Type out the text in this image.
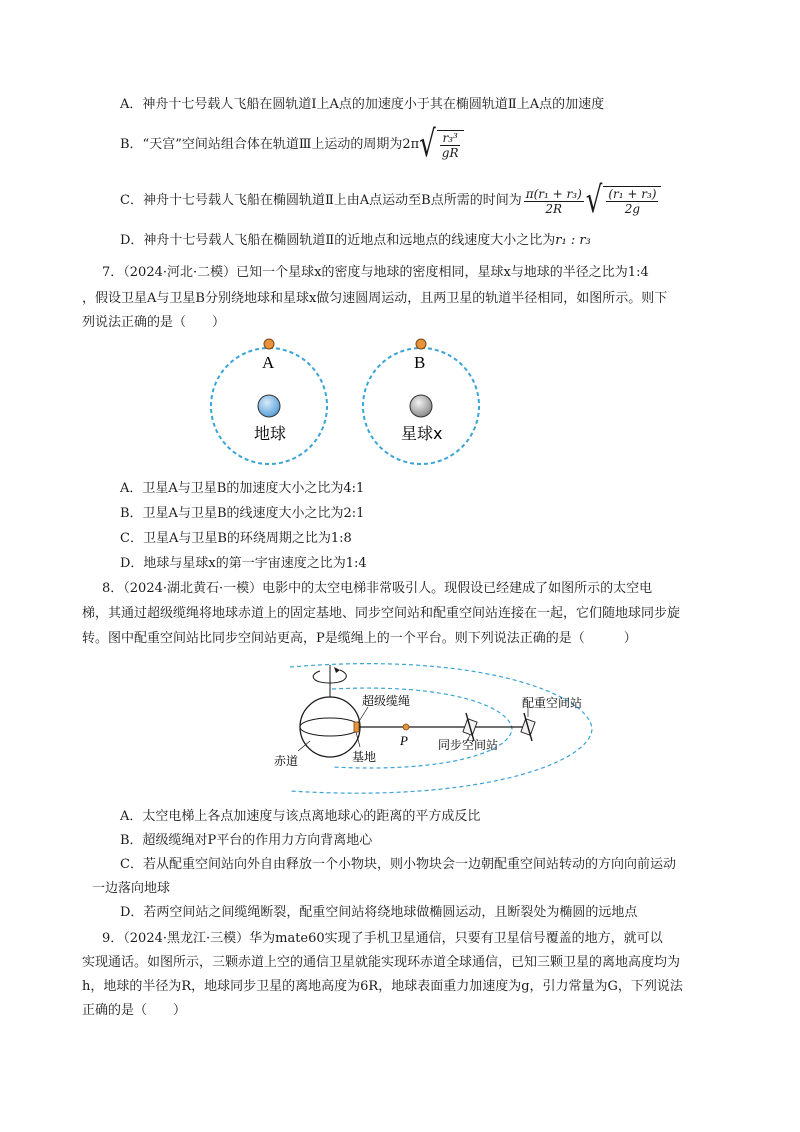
A．神舟十七号载人飞船在圆轨道Ⅰ上A点的加速度小于其在椭圆轨道Ⅱ上A点的加速度
B．“天宫”空间站组合体在轨道Ⅲ上运动的周期为 2π √ $\frac{\text{r₃³}}{gR}$
C．神舟十七号载人飞船在椭圆轨道Ⅱ上由A点运动至B点所需的时间为 $\frac{\text{π(r₁ + r₃)}}{2R}$ √ $\frac{\text{(r₁ + r₃)}}{2g}$
D．神舟十七号载人飞船在椭圆轨道Ⅱ的近地点和远地点的线速度大小之比为r₁ : r₃
7．（2024·河北·二模）已知一个星球x的密度与地球的密度相同，星球x与地球的半径之比为1:4
，假设卫星A与卫星B分别绕地球和星球x做匀速圆周运动，且两卫星的轨道半径相同，如图所示。则下
列说法正确的是（　　）
A	B
地球	星球x
A．卫星A与卫星B的加速度大小之比为4:1
B．卫星A与卫星B的线速度大小之比为2:1
C．卫星A与卫星B的环绕周期之比为1:8
D．地球与星球x的第一宇宙速度之比为1:4
8．（2024·湖北黄石·一模）电影中的太空电梯非常吸引人。现假设已经建成了如图所示的太空电
梯，其通过超级缆绳将地球赤道上的固定基地、同步空间站和配重空间站连接在一起，它们随地球同步旋
转。图中配重空间站比同步空间站更高，P是缆绳上的一个平台。则下列说法正确的是（　　　）
超级缆绳	配重空间站
P	同步空间站
赤道	基地
A．太空电梯上各点加速度与该点离地球心的距离的平方成反比
B．超级缆绳对P平台的作用力方向背离地心
C．若从配重空间站向外自由释放一个小物块，则小物块会一边朝配重空间站转动的方向向前运动
一边落向地球
D．若两空间站之间缆绳断裂，配重空间站将绕地球做椭圆运动，且断裂处为椭圆的远地点
9．（2024·黑龙江·三模）华为mate60实现了手机卫星通信，只要有卫星信号覆盖的地方，就可以
实现通话。如图所示，三颗赤道上空的通信卫星就能实现环赤道全球通信，已知三颗卫星的离地高度均为
h，地球的半径为R，地球同步卫星的离地高度为6R，地球表面重力加速度为g，引力常量为G，下列说法
正确的是（　　）
